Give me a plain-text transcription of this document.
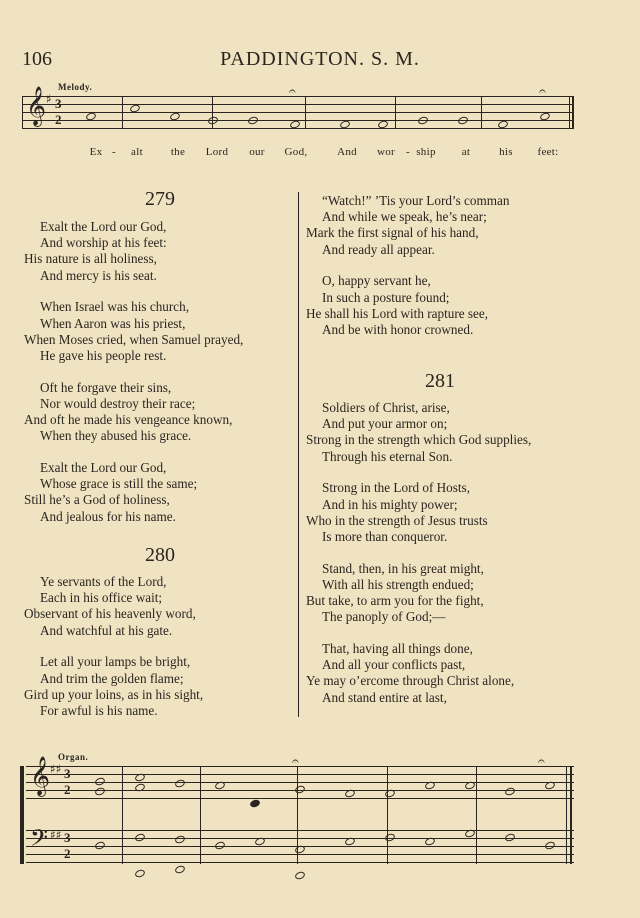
106	PADDINGTON. S. M.
Melody.
𝄞 ♯ 3
2
𝄐	𝄐
Ex - alt	the Lord our God,	And wor - ship at	his feet:
279
Exalt the Lord our God,
And worship at his feet:
His nature is all holiness,
And mercy is his seat.
When Israel was his church,
When Aaron was his priest,
When Moses cried, when Samuel prayed,
He gave his people rest.
Oft he forgave their sins,
Nor would destroy their race;
And oft he made his vengeance known,
When they abused his grace.
Exalt the Lord our God,
Whose grace is still the same;
Still he’s a God of holiness,
And jealous for his name.
280
Ye servants of the Lord,
Each in his office wait;
Observant of his heavenly word,
And watchful at his gate.
Let all your lamps be bright,
And trim the golden flame;
Gird up your loins, as in his sight,
For awful is his name.
“Watch!” ’Tis your Lord’s comman
And while we speak, he’s near;
Mark the first signal of his hand,
And ready all appear.
O, happy servant he,
In such a posture found;
He shall his Lord with rapture see,
And be with honor crowned.
281
Soldiers of Christ, arise,
And put your armor on;
Strong in the strength which God supplies,
Through his eternal Son.
Strong in the Lord of Hosts,
And in his mighty power;
Who in the strength of Jesus trusts
Is more than conqueror.
Stand, then, in his great might,
With all his strength endued;
But take, to arm you for the fight,
The panoply of God;—
That, having all things done,
And all your conflicts past,
Ye may o’ercome through Christ alone,
And stand entire at last,
Organ.
𝄞 ♯♯ 3
2
𝄐	𝄐
𝄢 ♯♯ 3
2
